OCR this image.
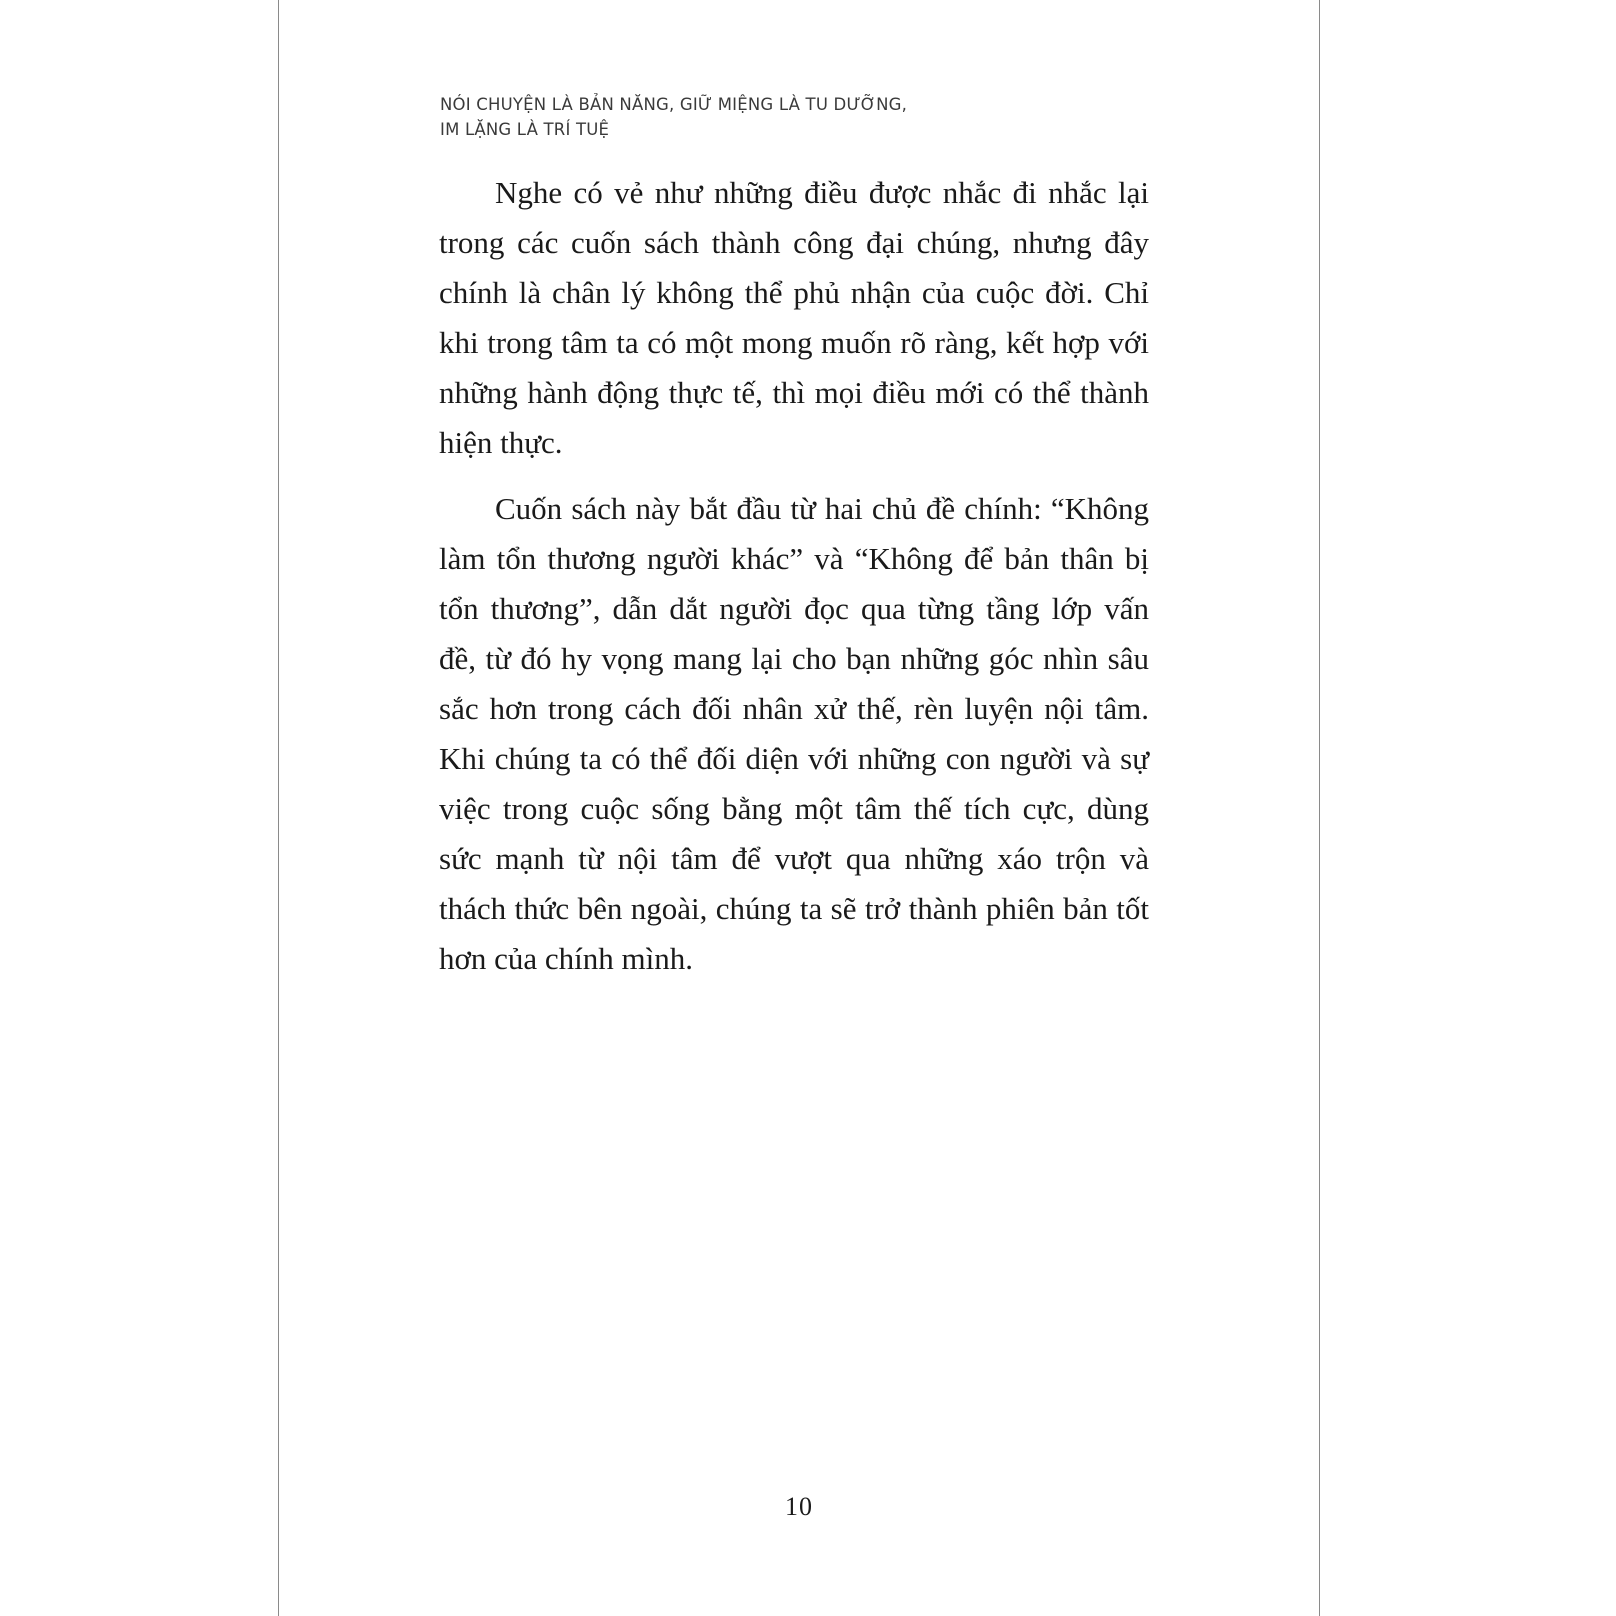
NÓI CHUYỆN LÀ BẢN NĂNG, GIỮ MIỆNG LÀ TU DƯỠNG,
IM LẶNG LÀ TRÍ TUỆ

Nghe có vẻ như những điều được nhắc đi nhắc lại trong các cuốn sách thành công đại chúng, nhưng đây chính là chân lý không thể phủ nhận của cuộc đời. Chỉ khi trong tâm ta có một mong muốn rõ ràng, kết hợp với những hành động thực tế, thì mọi điều mới có thể thành hiện thực.

Cuốn sách này bắt đầu từ hai chủ đề chính: “Không làm tổn thương người khác” và “Không để bản thân bị tổn thương”, dẫn dắt người đọc qua từng tầng lớp vấn đề, từ đó hy vọng mang lại cho bạn những góc nhìn sâu sắc hơn trong cách đối nhân xử thế, rèn luyện nội tâm. Khi chúng ta có thể đối diện với những con người và sự việc trong cuộc sống bằng một tâm thế tích cực, dùng sức mạnh từ nội tâm để vượt qua những xáo trộn và thách thức bên ngoài, chúng ta sẽ trở thành phiên bản tốt hơn của chính mình.

10
